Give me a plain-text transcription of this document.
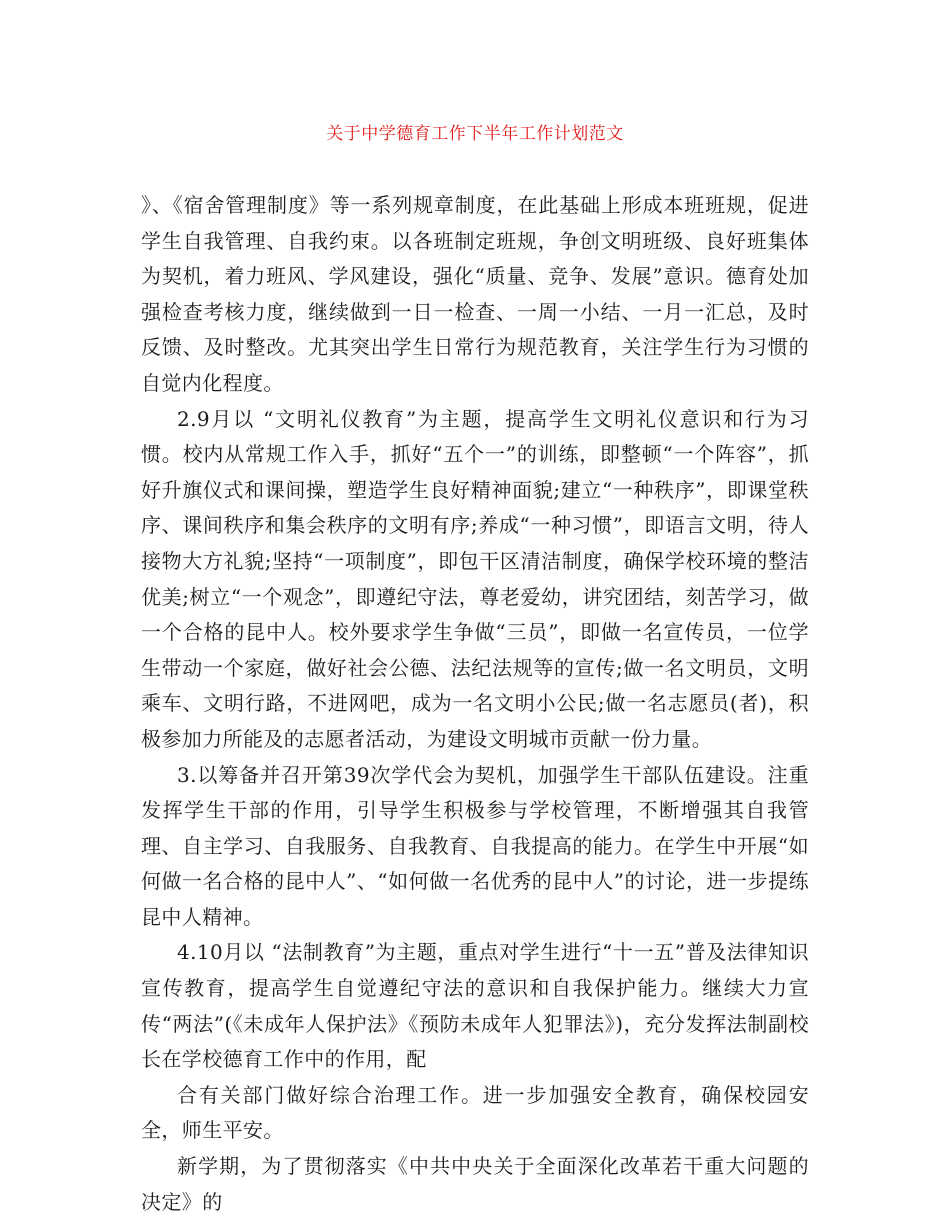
关于中学德育工作下半年工作计划范文

》、《宿舍管理制度》等一系列规章制度，在此基础上形成本班班规，促进学生自我管理、自我约束。以各班制定班规，争创文明班级、良好班集体为契机，着力班风、学风建设，强化“质量、竞争、发展”意识。德育处加强检查考核力度，继续做到一日一检查、一周一小结、一月一汇总，及时反馈、及时整改。尤其突出学生日常行为规范教育，关注学生行为习惯的自觉内化程度。

2.9月以 “文明礼仪教育”为主题，提高学生文明礼仪意识和行为习惯。校内从常规工作入手，抓好“五个一”的训练，即整顿“一个阵容”，抓好升旗仪式和课间操，塑造学生良好精神面貌;建立“一种秩序”，即课堂秩序、课间秩序和集会秩序的文明有序;养成“一种习惯”，即语言文明，待人接物大方礼貌;坚持“一项制度”，即包干区清洁制度，确保学校环境的整洁优美;树立“一个观念”，即遵纪守法，尊老爱幼，讲究团结，刻苦学习，做一个合格的昆中人。校外要求学生争做“三员”，即做一名宣传员，一位学生带动一个家庭，做好社会公德、法纪法规等的宣传;做一名文明员，文明乘车、文明行路，不进网吧，成为一名文明小公民;做一名志愿员(者)，积极参加力所能及的志愿者活动，为建设文明城市贡献一份力量。

3.以筹备并召开第39次学代会为契机，加强学生干部队伍建设。注重发挥学生干部的作用，引导学生积极参与学校管理，不断增强其自我管理、自主学习、自我服务、自我教育、自我提高的能力。在学生中开展“如何做一名合格的昆中人”、“如何做一名优秀的昆中人”的讨论，进一步提练昆中人精神。

4.10月以 “法制教育”为主题，重点对学生进行“十一五”普及法律知识宣传教育，提高学生自觉遵纪守法的意识和自我保护能力。继续大力宣传“两法”(《未成年人保护法》《预防未成年人犯罪法》)，充分发挥法制副校长在学校德育工作中的作用，配

合有关部门做好综合治理工作。进一步加强安全教育，确保校园安全，师生平安。

新学期，为了贯彻落实《中共中央关于全面深化改革若干重大问题的决定》的
